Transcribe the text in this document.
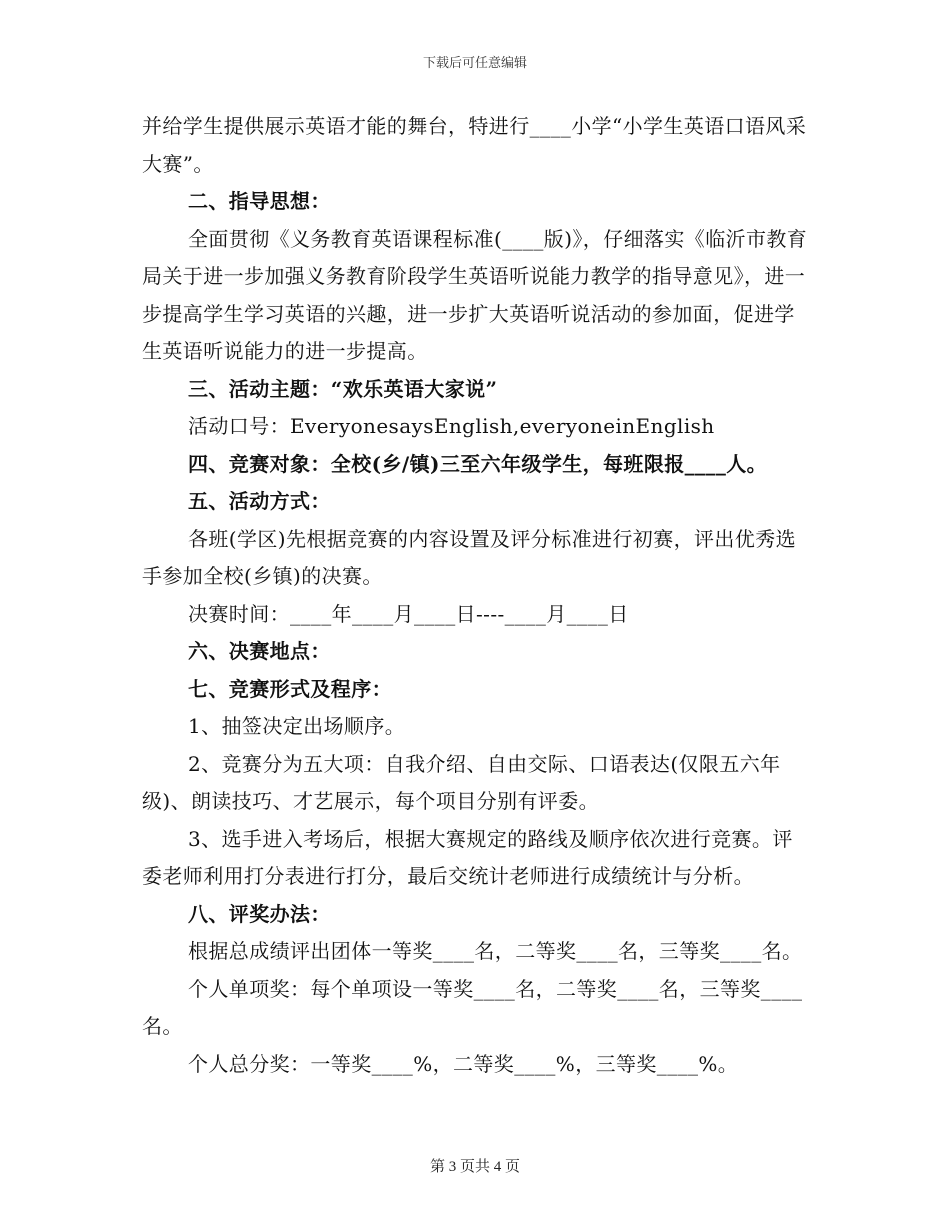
下载后可任意编辑

并给学生提供展示英语才能的舞台，特进行____小学“小学生英语口语风采大赛”。

二、指导思想：

全面贯彻《义务教育英语课程标准(____版)》，仔细落实《临沂市教育局关于进一步加强义务教育阶段学生英语听说能力教学的指导意见》，进一步提高学生学习英语的兴趣，进一步扩大英语听说活动的参加面，促进学生英语听说能力的进一步提高。

三、活动主题：“欢乐英语大家说”

活动口号：EveryonesaysEnglish,everyoneinEnglish

四、竞赛对象：全校(乡/镇)三至六年级学生，每班限报____人。

五、活动方式：

各班(学区)先根据竞赛的内容设置及评分标准进行初赛，评出优秀选手参加全校(乡镇)的决赛。

决赛时间：____年____月____日----____月____日

六、决赛地点：

七、竞赛形式及程序：

1、抽签决定出场顺序。

2、竞赛分为五大项：自我介绍、自由交际、口语表达(仅限五六年级)、朗读技巧、才艺展示，每个项目分别有评委。

3、选手进入考场后，根据大赛规定的路线及顺序依次进行竞赛。评委老师利用打分表进行打分，最后交统计老师进行成绩统计与分析。

八、评奖办法：

根据总成绩评出团体一等奖____名，二等奖____名，三等奖____名。

个人单项奖：每个单项设一等奖____名，二等奖____名，三等奖____名。

个人总分奖：一等奖____%，二等奖____%，三等奖____%。

第 3 页共 4 页
